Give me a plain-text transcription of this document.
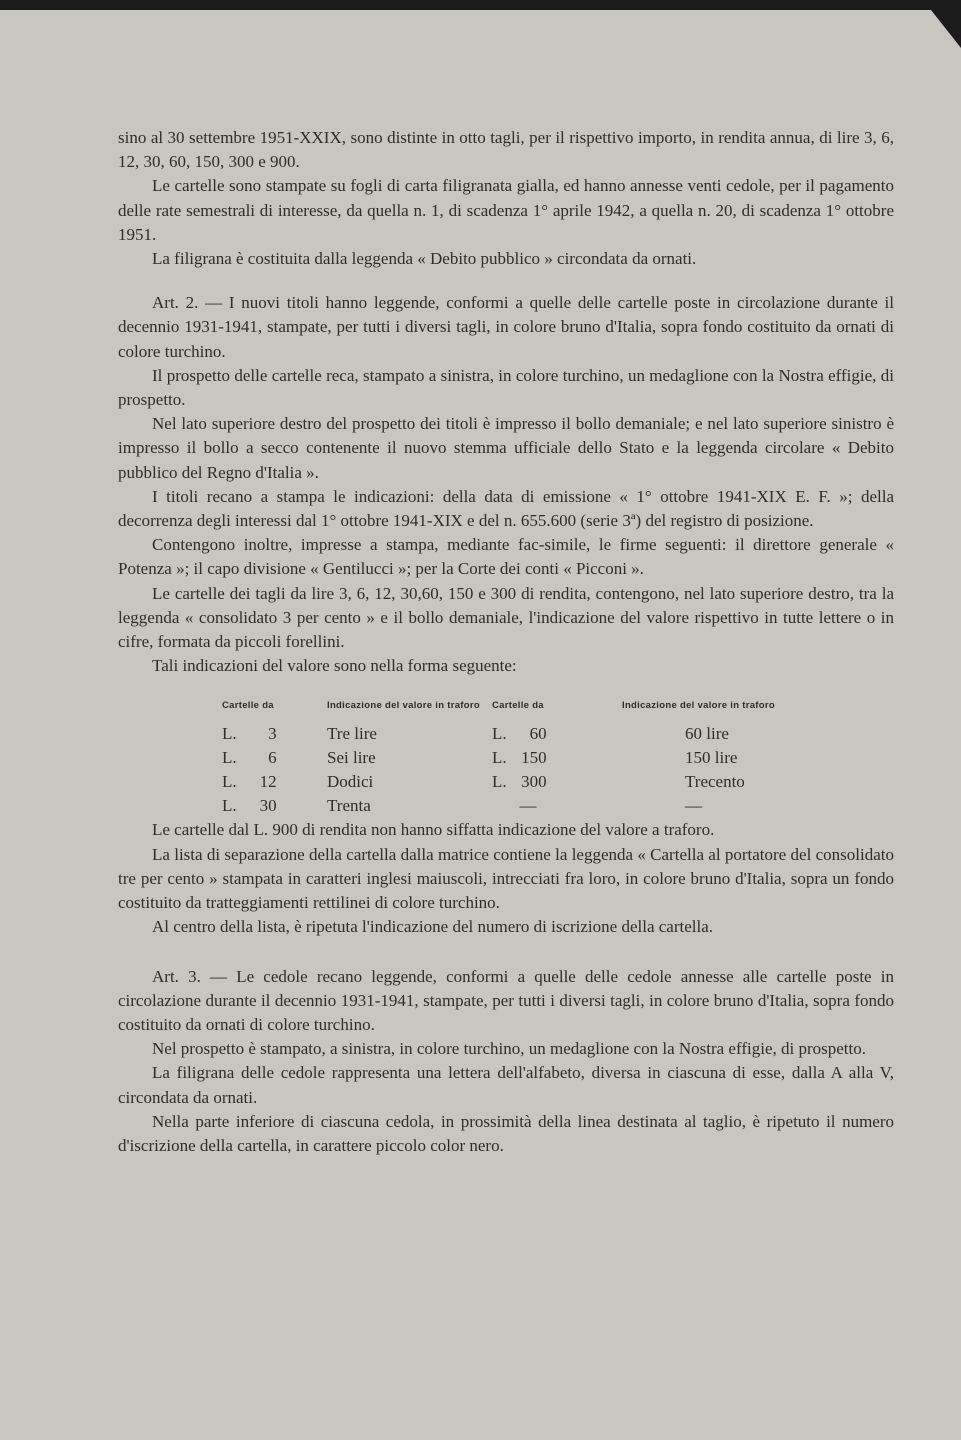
sino al 30 settembre 1951-XXIX, sono distinte in otto tagli, per il rispettivo importo, in rendita annua, di lire 3, 6, 12, 30, 60, 150, 300 e 900.

Le cartelle sono stampate su fogli di carta filigranata gialla, ed hanno annesse venti cedole, per il pagamento delle rate semestrali di interesse, da quella n. 1, di scadenza 1° aprile 1942, a quella n. 20, di scadenza 1° ottobre 1951.

La filigrana è costituita dalla leggenda « Debito pubblico » circondata da ornati.

Art. 2. — I nuovi titoli hanno leggende, conformi a quelle delle cartelle poste in circolazione durante il decennio 1931-1941, stampate, per tutti i diversi tagli, in colore bruno d'Italia, sopra fondo costituito da ornati di colore turchino.

Il prospetto delle cartelle reca, stampato a sinistra, in colore turchino, un medaglione con la Nostra effigie, di prospetto.

Nel lato superiore destro del prospetto dei titoli è impresso il bollo demaniale; e nel lato superiore sinistro è impresso il bollo a secco contenente il nuovo stemma ufficiale dello Stato e la leggenda circolare « Debito pubblico del Regno d'Italia ».

I titoli recano a stampa le indicazioni: della data di emissione « 1° ottobre 1941-XIX E. F. »; della decorrenza degli interessi dal 1° ottobre 1941-XIX e del n. 655.600 (serie 3ª) del registro di posizione.

Contengono inoltre, impresse a stampa, mediante fac-simile, le firme seguenti: il direttore generale « Potenza »; il capo divisione « Gentilucci »; per la Corte dei conti « Picconi ».

Le cartelle dei tagli da lire 3, 6, 12, 30,60, 150 e 300 di rendita, contengono, nel lato superiore destro, tra la leggenda « consolidato 3 per cento » e il bollo demaniale, l'indicazione del valore rispettivo in tutte lettere o in cifre, formata da piccoli forellini.

Tali indicazioni del valore sono nella forma seguente:

Cartelle da	Indicazione del valore in traforo	Cartelle da	Indicazione del valore in traforo
L. 3	Tre lire	L. 60	60 lire
L. 6	Sei lire	L. 150	150 lire
L. 12	Dodici	L. 300	Trecento
L. 30	Trenta	—	—

Le cartelle dal L. 900 di rendita non hanno siffatta indicazione del valore a traforo.

La lista di separazione della cartella dalla matrice contiene la leggenda « Cartella al portatore del consolidato tre per cento » stampata in caratteri inglesi maiuscoli, intrecciati fra loro, in colore bruno d'Italia, sopra un fondo costituito da tratteggiamenti rettilinei di colore turchino.

Al centro della lista, è ripetuta l'indicazione del numero di iscrizione della cartella.

Art. 3. — Le cedole recano leggende, conformi a quelle delle cedole annesse alle cartelle poste in circolazione durante il decennio 1931-1941, stampate, per tutti i diversi tagli, in colore bruno d'Italia, sopra fondo costituito da ornati di colore turchino.

Nel prospetto è stampato, a sinistra, in colore turchino, un medaglione con la Nostra effigie, di prospetto.

La filigrana delle cedole rappresenta una lettera dell'alfabeto, diversa in ciascuna di esse, dalla A alla V, circondata da ornati.

Nella parte inferiore di ciascuna cedola, in prossimità della linea destinata al taglio, è ripetuto il numero d'iscrizione della cartella, in carattere piccolo color nero.
